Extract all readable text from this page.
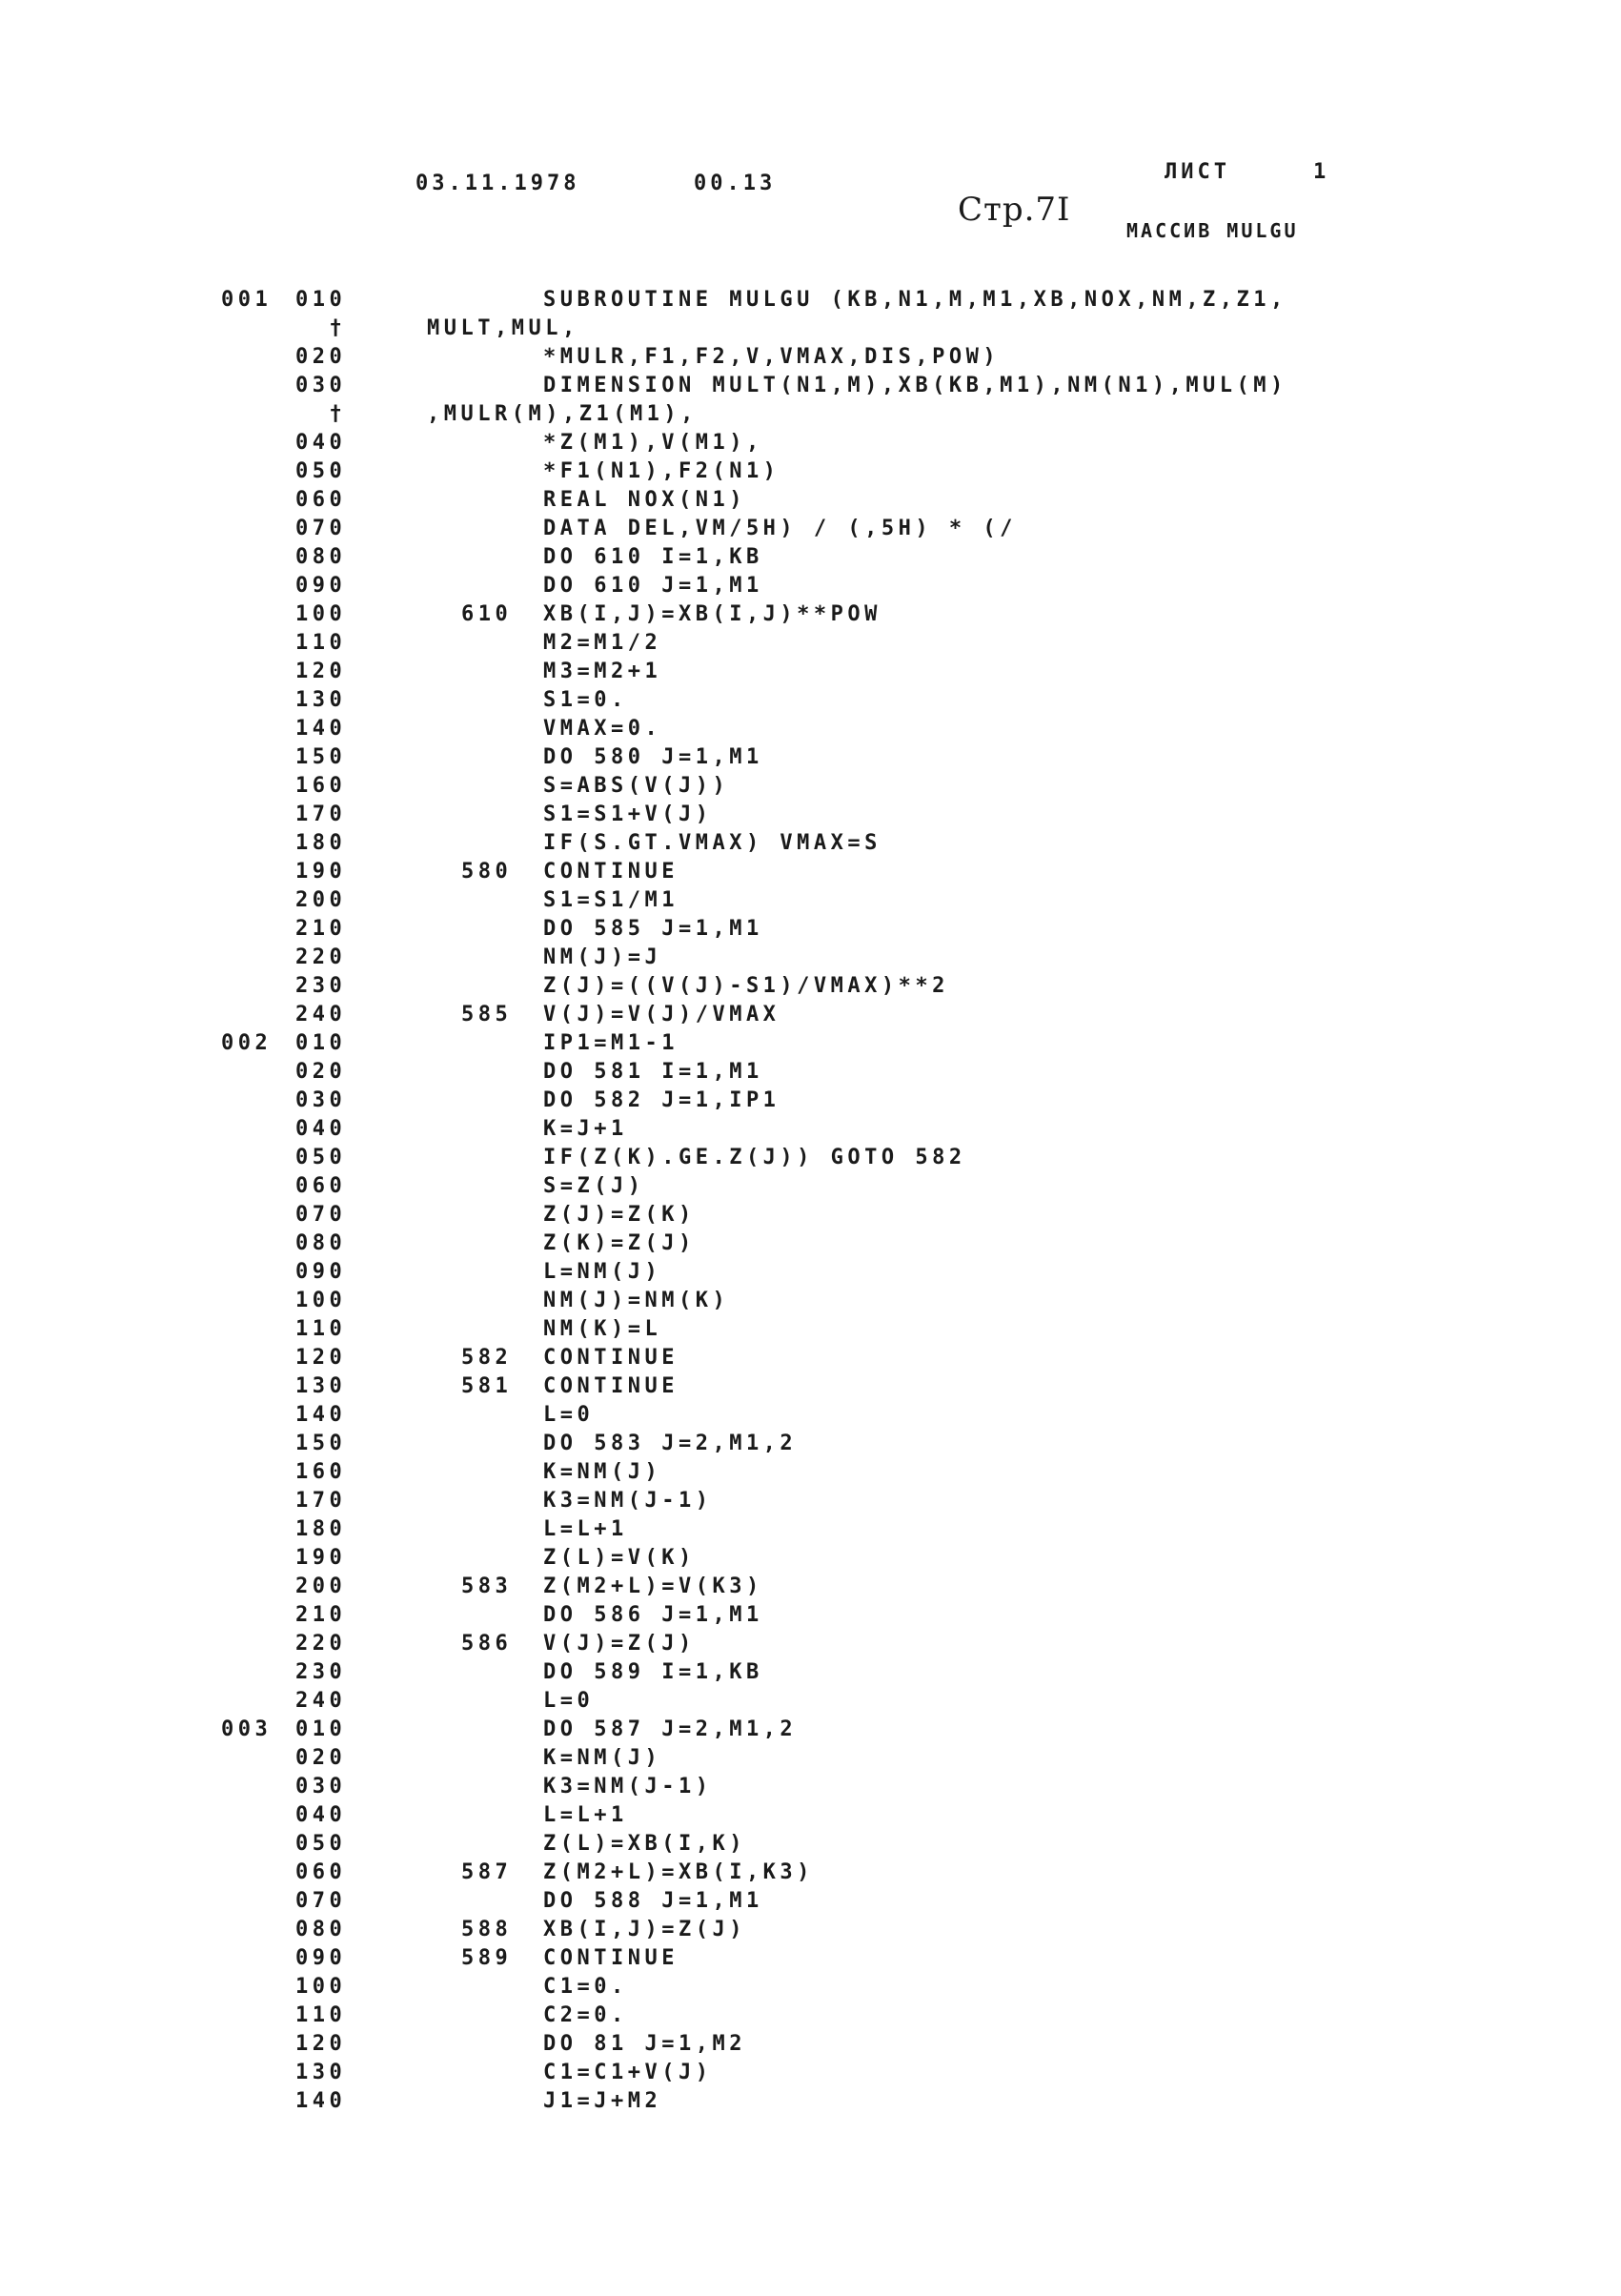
03.11.1978	00.13	ЛИСТ	1
Стр.7I
МАССИВ MULGU
001 010	SUBROUTINE MULGU (KB,N1,M,M1,XB,NOX,NM,Z,Z1,
†	MULT,MUL,
020	*MULR,F1,F2,V,VMAX,DIS,POW)
030	DIMENSION MULT(N1,M),XB(KB,M1),NM(N1),MUL(M)
†	,MULR(M),Z1(M1),
040	*Z(M1),V(M1),
050	*F1(N1),F2(N1)
060	REAL NOX(N1)
070	DATA DEL,VM/5H) / (,5H) * (/
080	DO 610 I=1,KB
090	DO 610 J=1,M1
100	610 XB(I,J)=XB(I,J)**POW
110	M2=M1/2
120	M3=M2+1
130	S1=0.
140	VMAX=0.
150	DO 580 J=1,M1
160	S=ABS(V(J))
170	S1=S1+V(J)
180	IF(S.GT.VMAX) VMAX=S
190	580 CONTINUE
200	S1=S1/M1
210	DO 585 J=1,M1
220	NM(J)=J
230	Z(J)=((V(J)-S1)/VMAX)**2
240	585 V(J)=V(J)/VMAX
002 010	IP1=M1-1
020	DO 581 I=1,M1
030	DO 582 J=1,IP1
040	K=J+1
050	IF(Z(K).GE.Z(J)) GOTO 582
060	S=Z(J)
070	Z(J)=Z(K)
080	Z(K)=Z(J)
090	L=NM(J)
100	NM(J)=NM(K)
110	NM(K)=L
120	582 CONTINUE
130	581 CONTINUE
140	L=0
150	DO 583 J=2,M1,2
160	K=NM(J)
170	K3=NM(J-1)
180	L=L+1
190	Z(L)=V(K)
200	583 Z(M2+L)=V(K3)
210	DO 586 J=1,M1
220	586 V(J)=Z(J)
230	DO 589 I=1,KB
240	L=0
003 010	DO 587 J=2,M1,2
020	K=NM(J)
030	K3=NM(J-1)
040	L=L+1
050	Z(L)=XB(I,K)
060	587 Z(M2+L)=XB(I,K3)
070	DO 588 J=1,M1
080	588 XB(I,J)=Z(J)
090	589 CONTINUE
100	C1=0.
110	C2=0.
120	DO 81 J=1,M2
130	C1=C1+V(J)
140	J1=J+M2
